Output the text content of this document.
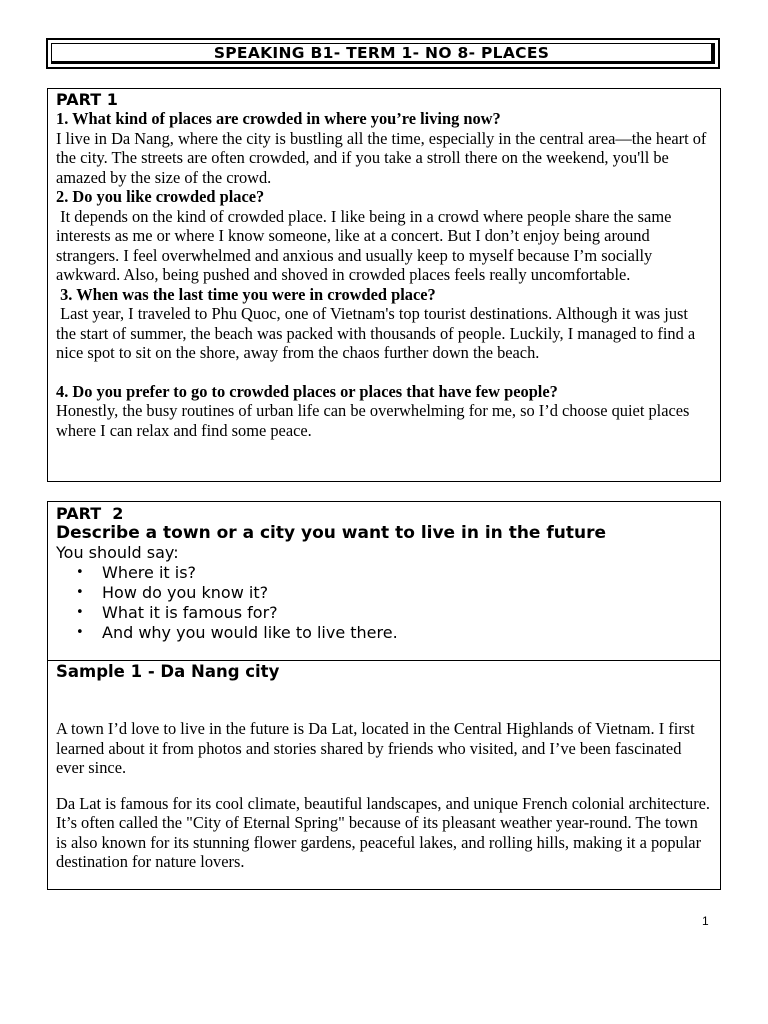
SPEAKING B1- TERM 1- NO 8- PLACES
PART 1

1. What kind of places are crowded in where you’re living now?

I live in Da Nang, where the city is bustling all the time, especially in the central area—the heart of the city. The streets are often crowded, and if you take a stroll there on the weekend, you'll be amazed by the size of the crowd.

2. Do you like crowded place?

It depends on the kind of crowded place. I like being in a crowd where people share the same interests as me or where I know someone, like at a concert. But I don’t enjoy being around strangers. I feel overwhelmed and anxious and usually keep to myself because I’m socially awkward. Also, being pushed and shoved in crowded places feels really uncomfortable.

3. When was the last time you were in crowded place?

Last year, I traveled to Phu Quoc, one of Vietnam's top tourist destinations. Although it was just the start of summer, the beach was packed with thousands of people. Luckily, I managed to find a nice spot to sit on the shore, away from the chaos further down the beach.

4. Do you prefer to go to crowded places or places that have few people?

Honestly, the busy routines of urban life can be overwhelming for me, so I’d choose quiet places where I can relax and find some peace.

PART  2
Describe a town or a city you want to live in in the future
You should say:
• Where it is?
• How do you know it?
• What it is famous for?
• And why you would like to live there.
Sample 1 - Da Nang city

A town I’d love to live in the future is Da Lat, located in the Central Highlands of Vietnam. I first learned about it from photos and stories shared by friends who visited, and I’ve been fascinated ever since.

Da Lat is famous for its cool climate, beautiful landscapes, and unique French colonial architecture. It’s often called the "City of Eternal Spring" because of its pleasant weather year-round. The town is also known for its stunning flower gardens, peaceful lakes, and rolling hills, making it a popular destination for nature lovers.

1
